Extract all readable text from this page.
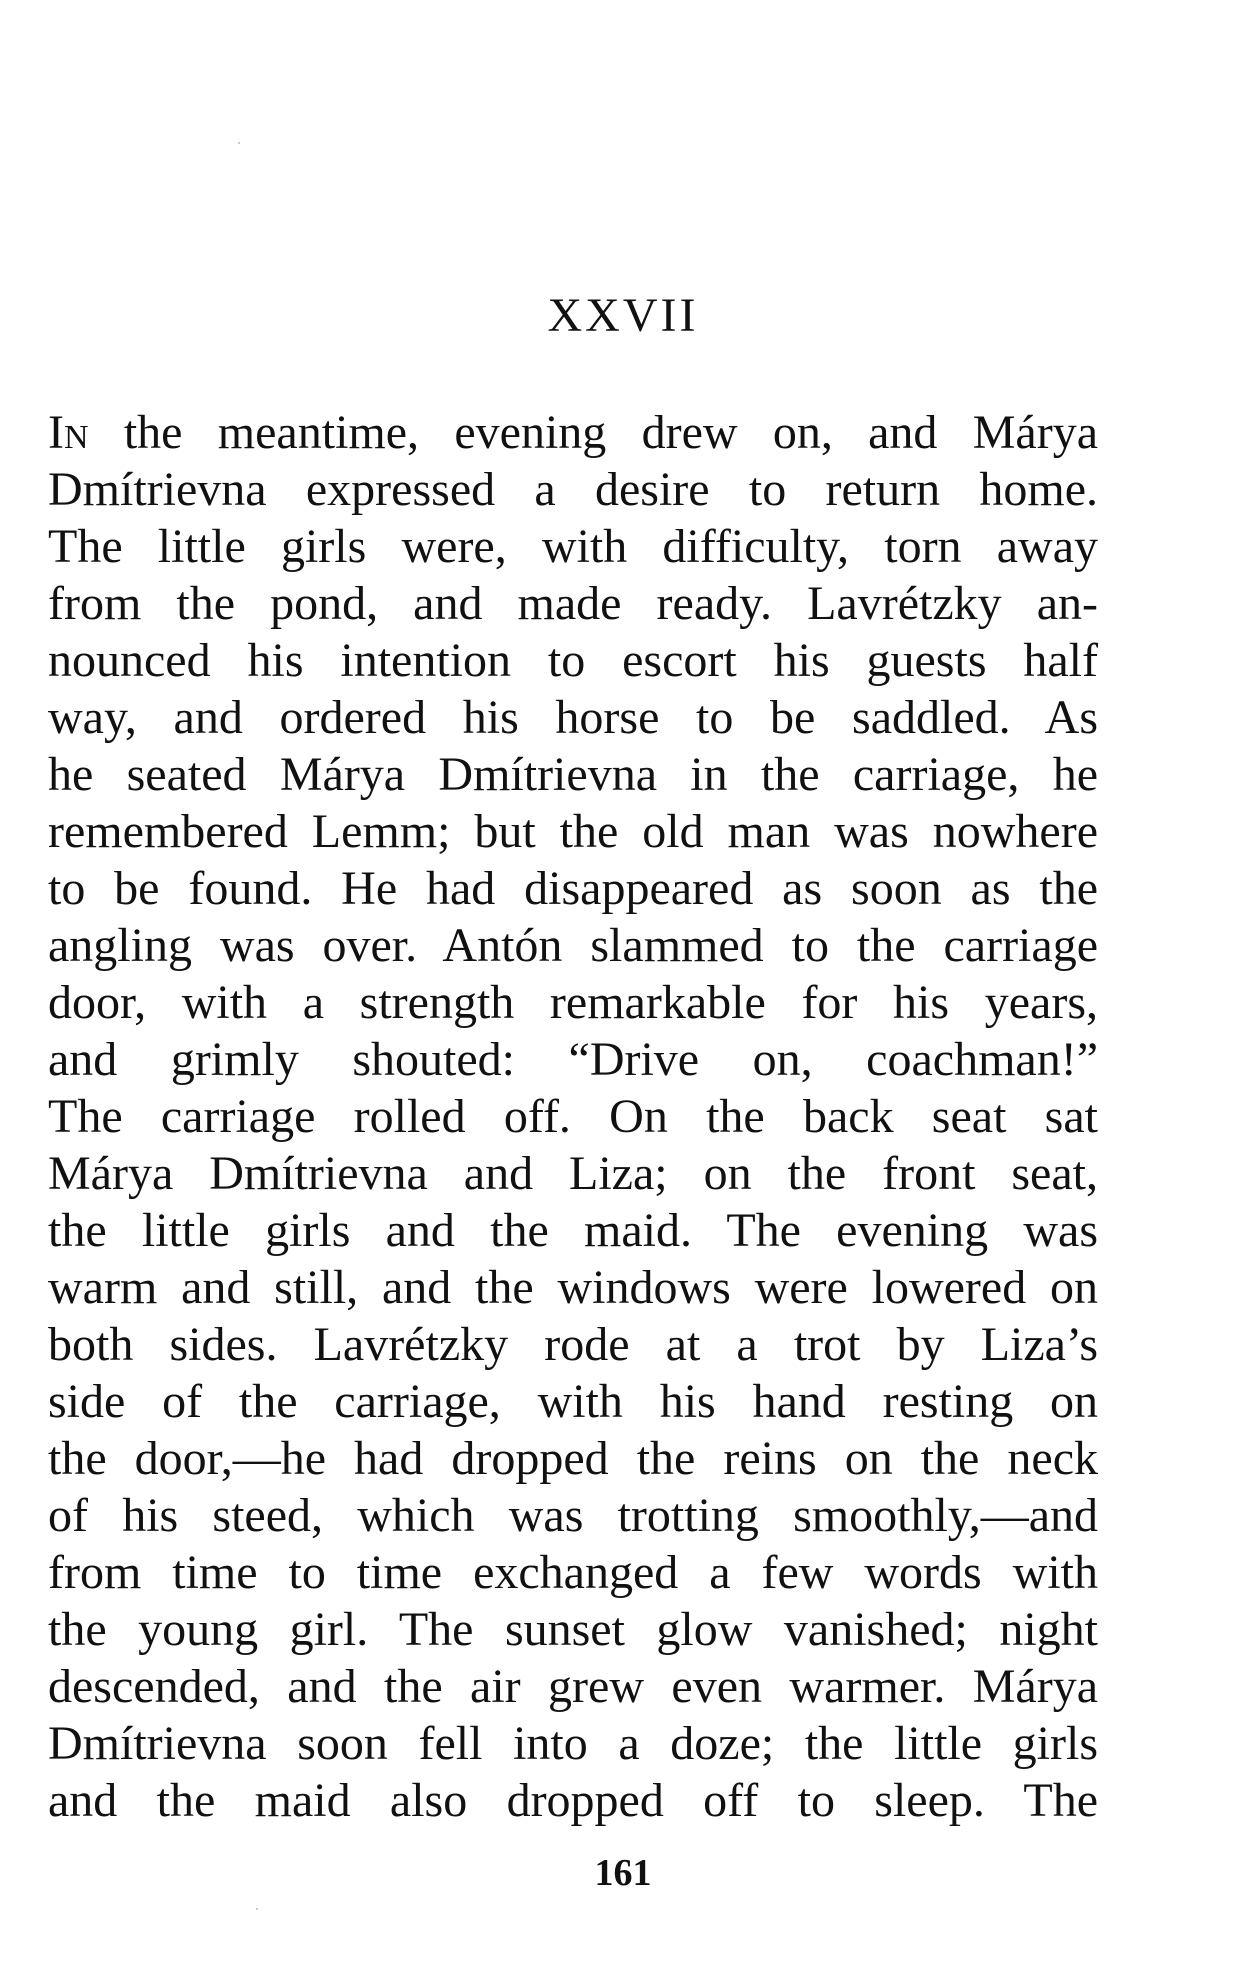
XXVII
In the meantime, evening drew on, and Márya
Dmítrievna expressed a desire to return home.
The little girls were, with difficulty, torn away
from the pond, and made ready. Lavrétzky an-
nounced his intention to escort his guests half
way, and ordered his horse to be saddled. As
he seated Márya Dmítrievna in the carriage, he
remembered Lemm; but the old man was nowhere
to be found. He had disappeared as soon as the
angling was over. Antón slammed to the carriage
door, with a strength remarkable for his years,
and grimly shouted: “Drive on, coachman!”
The carriage rolled off. On the back seat sat
Márya Dmítrievna and Liza; on the front seat,
the little girls and the maid. The evening was
warm and still, and the windows were lowered on
both sides. Lavrétzky rode at a trot by Liza’s
side of the carriage, with his hand resting on
the door,—he had dropped the reins on the neck
of his steed, which was trotting smoothly,—and
from time to time exchanged a few words with
the young girl. The sunset glow vanished; night
descended, and the air grew even warmer. Márya
Dmítrievna soon fell into a doze; the little girls
and the maid also dropped off to sleep. The
161
